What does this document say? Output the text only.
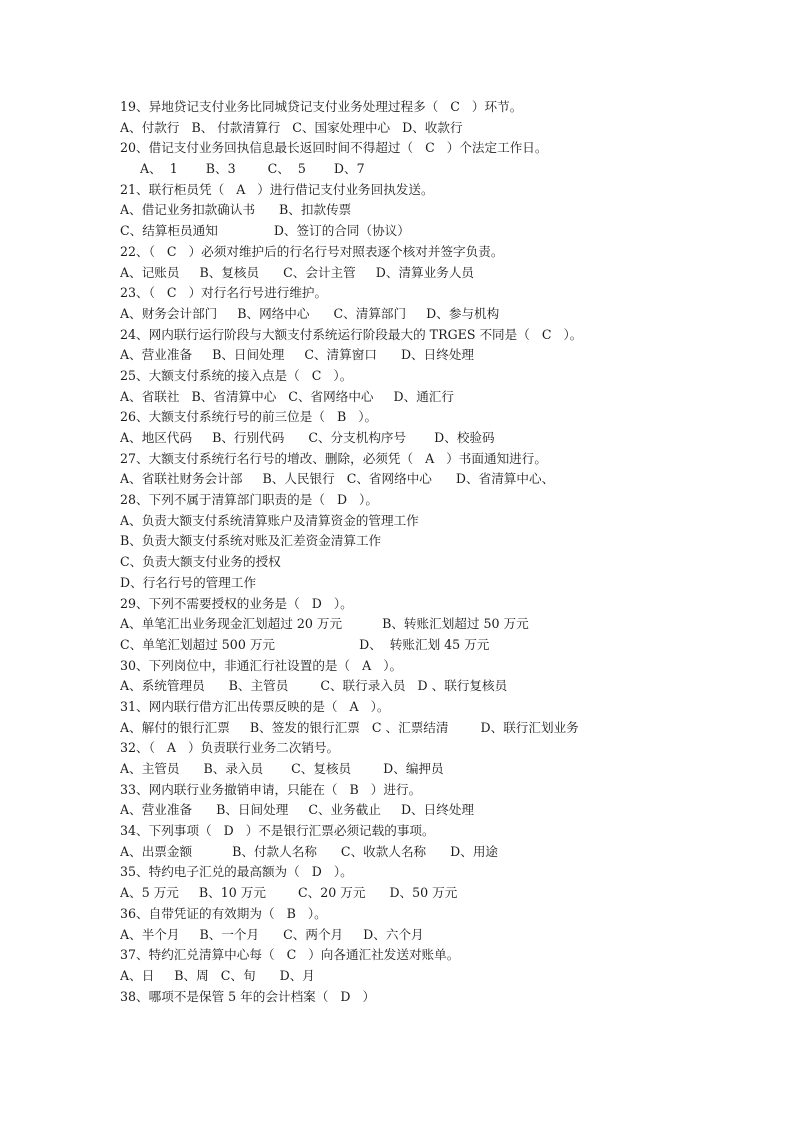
19、异地贷记支付业务比同城贷记支付业务处理过程多（   C   ）环节。
A、付款行   B、 付款清算行   C、国家处理中心   D、收款行
20、借记支付业务回执信息最长返回时间不得超过（   C   ）个法定工作日。
A、  1       B、3        C、  5       D、7
21、联行柜员凭（   A   ）进行借记支付业务回执发送。
A、借记业务扣款确认书      B、扣款传票
C、结算柜员通知              D、签订的合同（协议）
22、（   C   ）必须对维护后的行名行号对照表逐个核对并签字负责。
A、记账员     B、复核员      C、会计主管     D、清算业务人员
23、（   C   ）对行名行号进行维护。
A、财务会计部门     B、网络中心      C、清算部门     D、参与机构
24、网内联行运行阶段与大额支付系统运行阶段最大的 TRGES 不同是（   C   ）。
A、营业准备     B、日间处理     C、清算窗口      D、日终处理
25、大额支付系统的接入点是（   C   ）。
A、省联社   B、省清算中心   C、省网络中心     D、通汇行
26、大额支付系统行号的前三位是（   B   ）。
A、地区代码     B、行别代码      C、分支机构序号       D、校验码
27、大额支付系统行名行号的增改、删除，必须凭（   A   ）书面通知进行。
A、省联社财务会计部     B、人民银行   C、省网络中心      D、省清算中心、
28、下列不属于清算部门职责的是（   D   ）。
A、负责大额支付系统清算账户及清算资金的管理工作
B、负责大额支付系统对账及汇差资金清算工作
C、负责大额支付业务的授权
D、行名行号的管理工作
29、下列不需要授权的业务是（   D   ）。
A、单笔汇出业务现金汇划超过 20 万元          B、转账汇划超过 50 万元
C、单笔汇划超过 500 万元                     D、  转账汇划 45 万元
30、下列岗位中，非通汇行社设置的是（   A   ）。
A、系统管理员      B、主管员        C、联行录入员   D 、联行复核员
31、网内联行借方汇出传票反映的是（   A   ）。
A、解付的银行汇票     B、签发的银行汇票   C 、汇票结清        D、联行汇划业务
32、（   A   ）负责联行业务二次销号。
A、主管员      B、录入员       C、复核员        D、编押员
33、网内联行业务撤销申请，只能在（   B   ）进行。
A、营业准备      B、日间处理     C、业务截止     D、日终处理
34、下列事项（   D   ）不是银行汇票必须记载的事项。
A、出票金额          B、付款人名称      C、收款人名称      D、用途
35、特约电子汇兑的最高额为（   D   ）。
A、5 万元     B、10 万元        C、20 万元      D、50 万元
36、自带凭证的有效期为（   B   ）。
A、半个月     B、一个月      C、两个月     D、六个月
37、特约汇兑清算中心每（   C   ）向各通汇社发送对账单。
A、日     B、周   C、旬      D、月
38、哪项不是保管 5 年的会计档案（   D   ）
